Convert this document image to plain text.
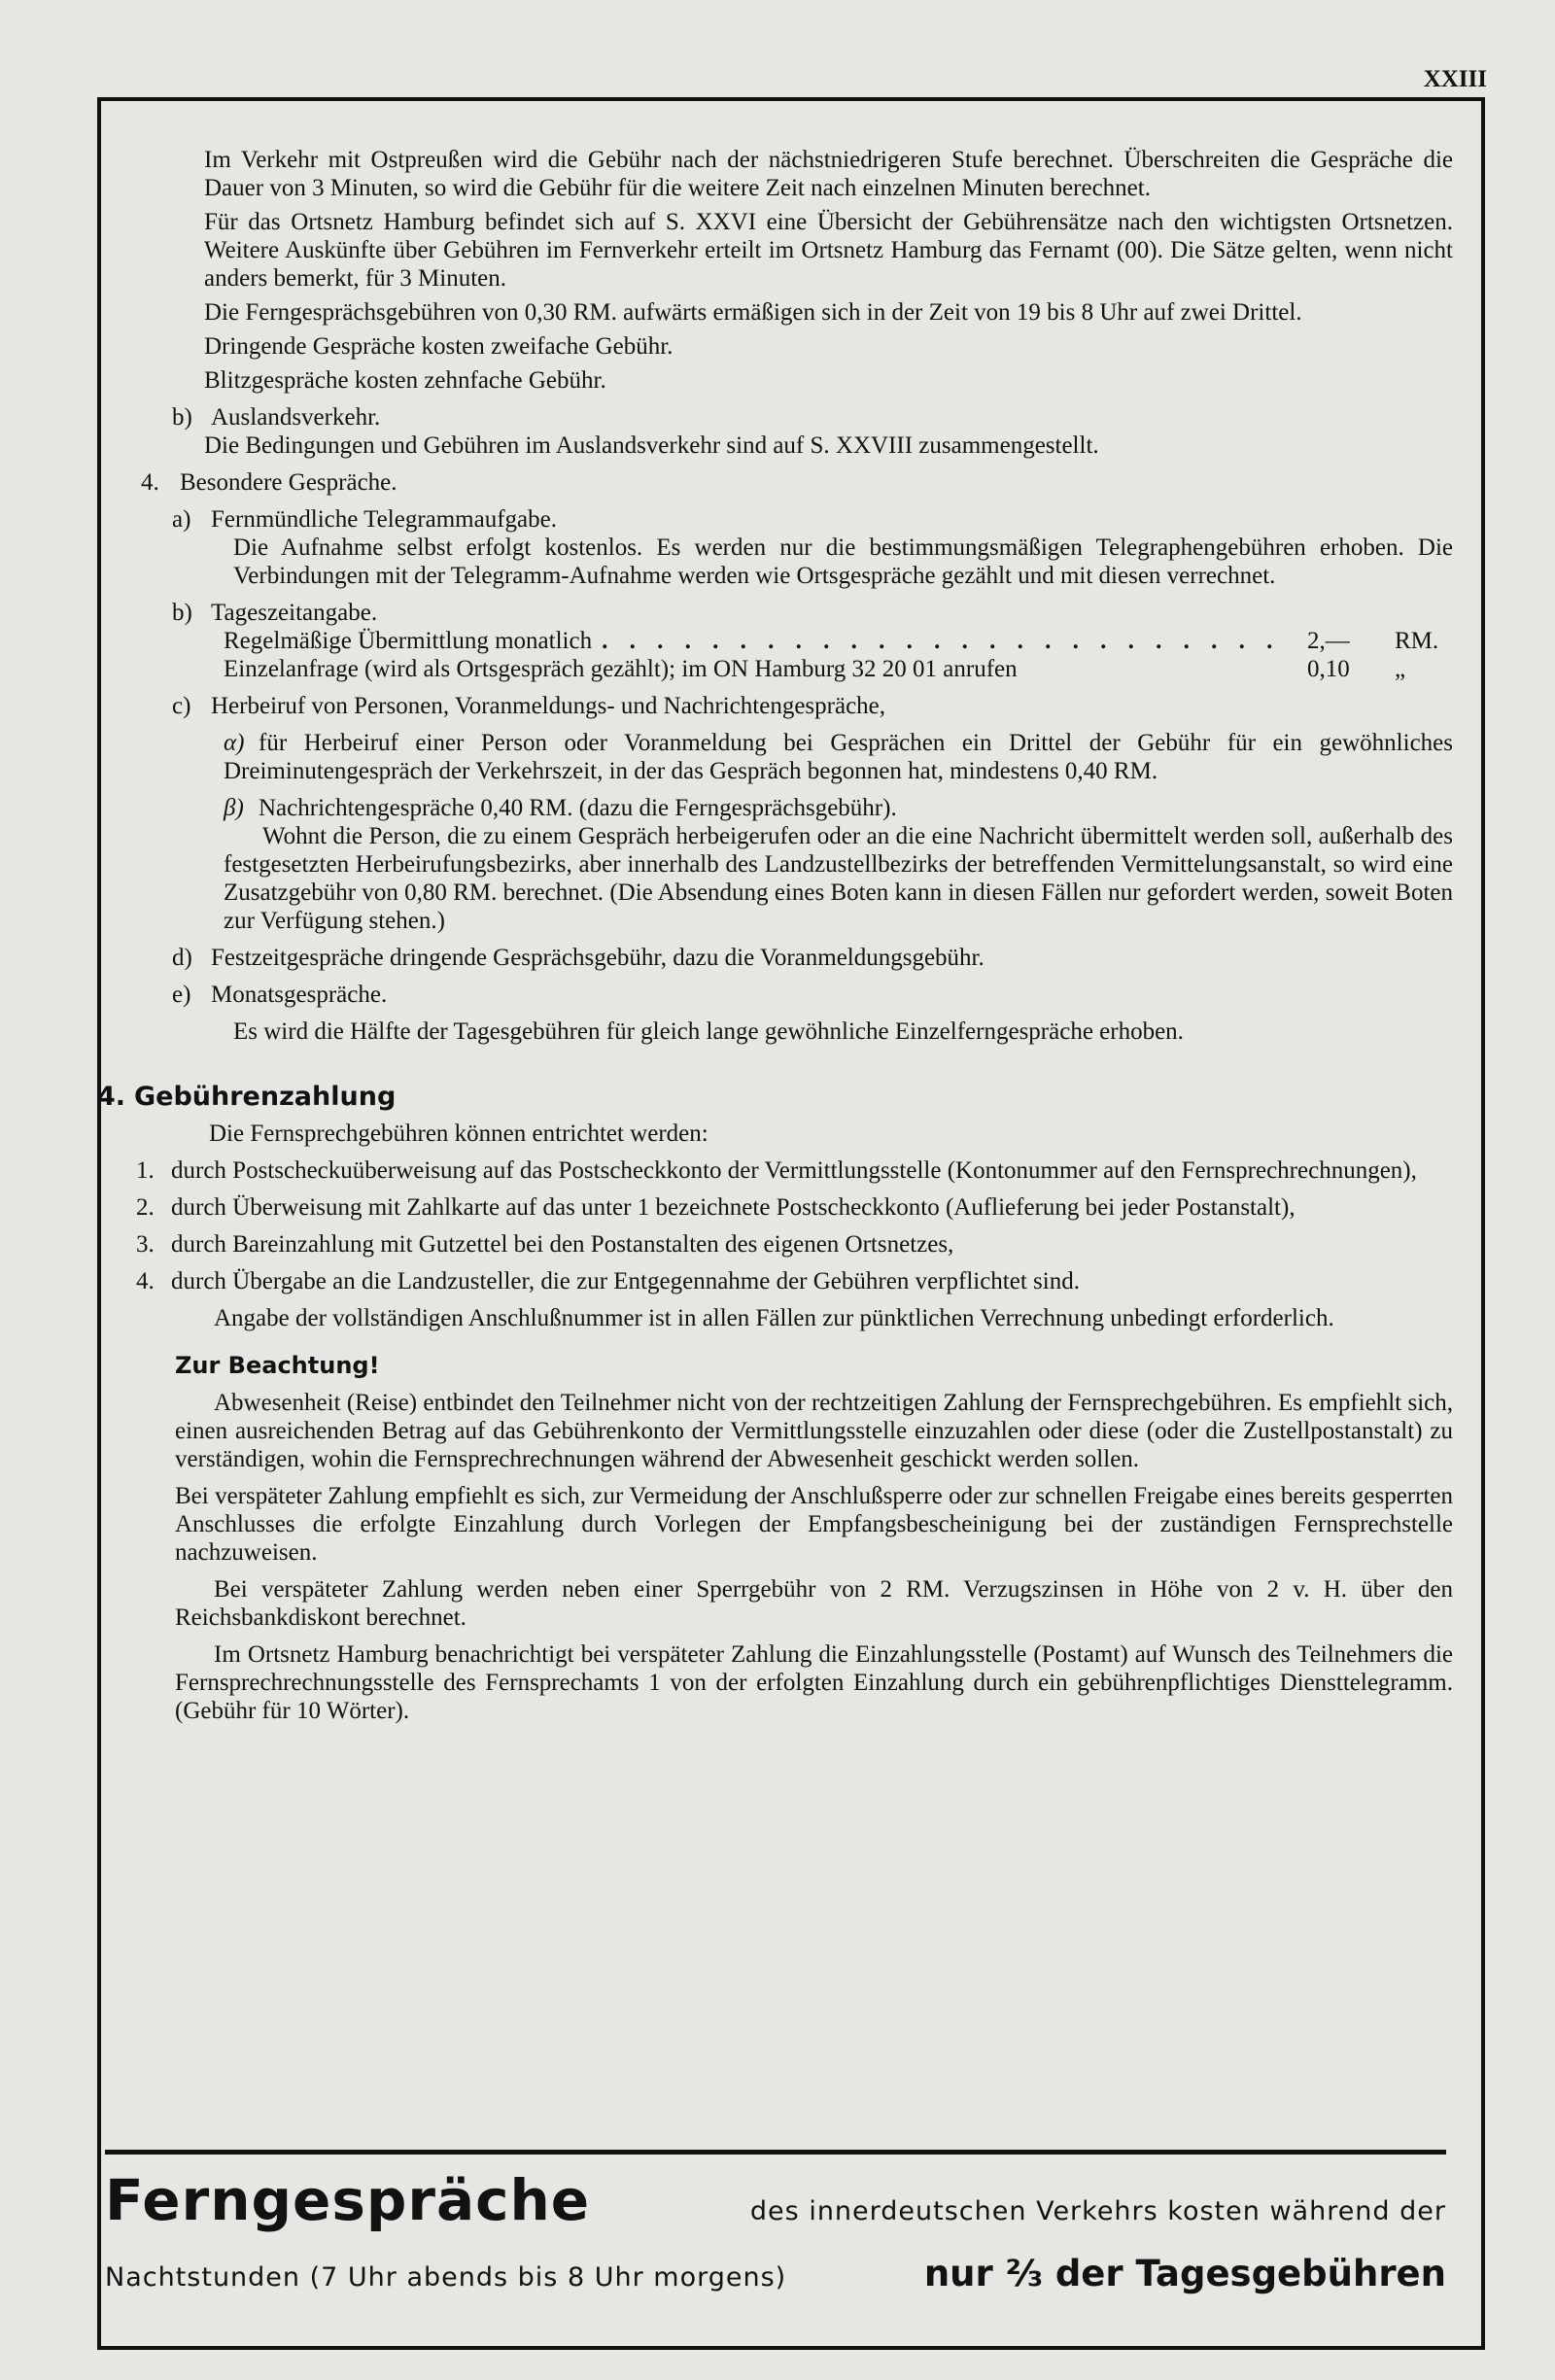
XXIII

Im Verkehr mit Ostpreußen wird die Gebühr nach der nächstniedrigeren Stufe berechnet. Überschreiten die Gespräche die Dauer von 3 Minuten, so wird die Gebühr für die weitere Zeit nach einzelnen Minuten berechnet.

Für das Ortsnetz Hamburg befindet sich auf S. XXVI eine Übersicht der Gebührensätze nach den wichtigsten Ortsnetzen. Weitere Auskünfte über Gebühren im Fernverkehr erteilt im Ortsnetz Hamburg das Fernamt (00). Die Sätze gelten, wenn nicht anders bemerkt, für 3 Minuten.

Die Ferngesprächsgebühren von 0,30 RM. aufwärts ermäßigen sich in der Zeit von 19 bis 8 Uhr auf zwei Drittel.

Dringende Gespräche kosten zweifache Gebühr.

Blitzgespräche kosten zehnfache Gebühr.

b) Auslandsverkehr.

Die Bedingungen und Gebühren im Auslandsverkehr sind auf S. XXVIII zusammengestellt.

4. Besondere Gespräche.

a) Fernmündliche Telegrammaufgabe.

Die Aufnahme selbst erfolgt kostenlos. Es werden nur die bestimmungsmäßigen Telegraphengebühren erhoben. Die Verbindungen mit der Telegramm-Aufnahme werden wie Ortsgespräche gezählt und mit diesen verrechnet.

b) Tageszeitangabe.

Regelmäßige Übermittlung monatlich . . . . . . . . . . . . . . . . . . . . . . . . .	2,—	RM.
Einzelanfrage (wird als Ortsgespräch gezählt); im ON Hamburg 32 20 01 anrufen	0,10	„

c) Herbeiruf von Personen, Voranmeldungs- und Nachrichtengespräche,

α) für Herbeiruf einer Person oder Voranmeldung bei Gesprächen ein Drittel der Gebühr für ein gewöhnliches Dreiminutengespräch der Verkehrszeit, in der das Gespräch begonnen hat, mindestens 0,40 RM.

β) Nachrichtengespräche 0,40 RM. (dazu die Ferngesprächsgebühr).

Wohnt die Person, die zu einem Gespräch herbeigerufen oder an die eine Nachricht übermittelt werden soll, außerhalb des festgesetzten Herbeirufungsbezirks, aber innerhalb des Landzustellbezirks der betreffenden Vermittelungsanstalt, so wird eine Zusatzgebühr von 0,80 RM. berechnet. (Die Absendung eines Boten kann in diesen Fällen nur gefordert werden, soweit Boten zur Verfügung stehen.)

d) Festzeitgespräche dringende Gesprächsgebühr, dazu die Voranmeldungsgebühr.

e) Monatsgespräche.

Es wird die Hälfte der Tagesgebühren für gleich lange gewöhnliche Einzelferngespräche erhoben.

4. Gebührenzahlung

Die Fernsprechgebühren können entrichtet werden:

1. durch Postscheckuüberweisung auf das Postscheckkonto der Vermittlungsstelle (Kontonummer auf den Fernsprechrechnungen),
2. durch Überweisung mit Zahlkarte auf das unter 1 bezeichnete Postscheckkonto (Auflieferung bei jeder Postanstalt),
3. durch Bareinzahlung mit Gutzettel bei den Postanstalten des eigenen Ortsnetzes,
4. durch Übergabe an die Landzusteller, die zur Entgegennahme der Gebühren verpflichtet sind.

Angabe der vollständigen Anschlußnummer ist in allen Fällen zur pünktlichen Verrechnung unbedingt erforderlich.

Zur Beachtung!

Abwesenheit (Reise) entbindet den Teilnehmer nicht von der rechtzeitigen Zahlung der Fernsprechgebühren. Es empfiehlt sich, einen ausreichenden Betrag auf das Gebührenkonto der Vermittlungsstelle einzuzahlen oder diese (oder die Zustellpostanstalt) zu verständigen, wohin die Fernsprechrechnungen während der Abwesenheit geschickt werden sollen.

Bei verspäteter Zahlung empfiehlt es sich, zur Vermeidung der Anschlußsperre oder zur schnellen Freigabe eines bereits gesperrten Anschlusses die erfolgte Einzahlung durch Vorlegen der Empfangsbescheinigung bei der zuständigen Fernsprechstelle nachzuweisen.

Bei verspäteter Zahlung werden neben einer Sperrgebühr von 2 RM. Verzugszinsen in Höhe von 2 v. H. über den Reichsbankdiskont berechnet.

Im Ortsnetz Hamburg benachrichtigt bei verspäteter Zahlung die Einzahlungsstelle (Postamt) auf Wunsch des Teilnehmers die Fernsprechrechnungsstelle des Fernsprechamts 1 von der erfolgten Einzahlung durch ein gebührenpflichtiges Diensttelegramm. (Gebühr für 10 Wörter).

Ferngespräche	des innerdeutschen Verkehrs kosten während der
Nachtstunden (7 Uhr abends bis 8 Uhr morgens)	nur ⅔ der Tagesgebühren
